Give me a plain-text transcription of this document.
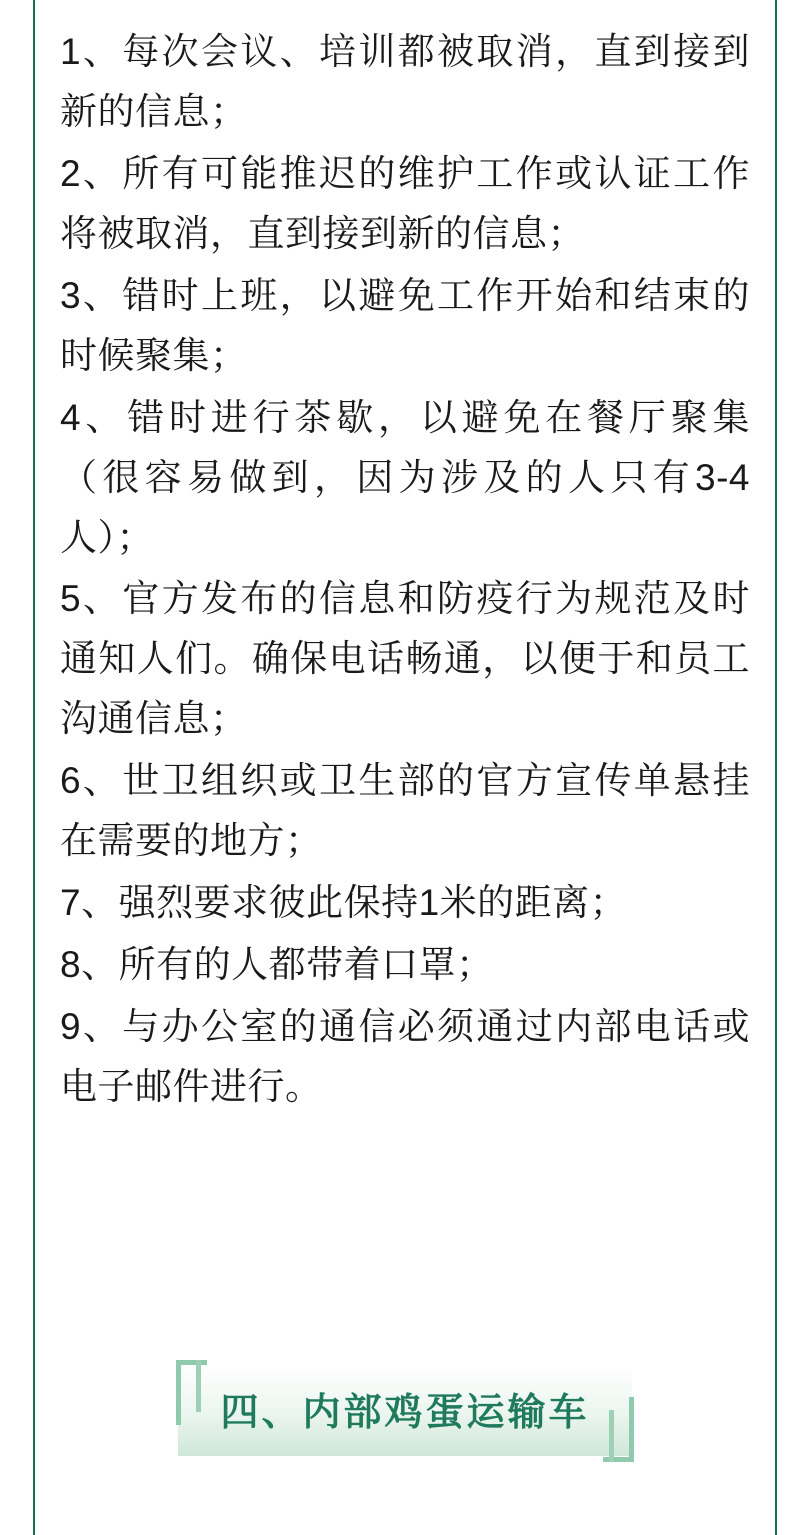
1、每次会议、培训都被取消，直到接到新的信息；

2、所有可能推迟的维护工作或认证工作将被取消，直到接到新的信息；

3、错时上班，以避免工作开始和结束的时候聚集；

4、错时进行茶歇，以避免在餐厅聚集（很容易做到，因为涉及的人只有3-4人）；

5、官方发布的信息和防疫行为规范及时通知人们。确保电话畅通，以便于和员工沟通信息；

6、世卫组织或卫生部的官方宣传单悬挂在需要的地方；

7、强烈要求彼此保持1米的距离；

8、所有的人都带着口罩；

9、与办公室的通信必须通过内部电话或电子邮件进行。

四、内部鸡蛋运输车
